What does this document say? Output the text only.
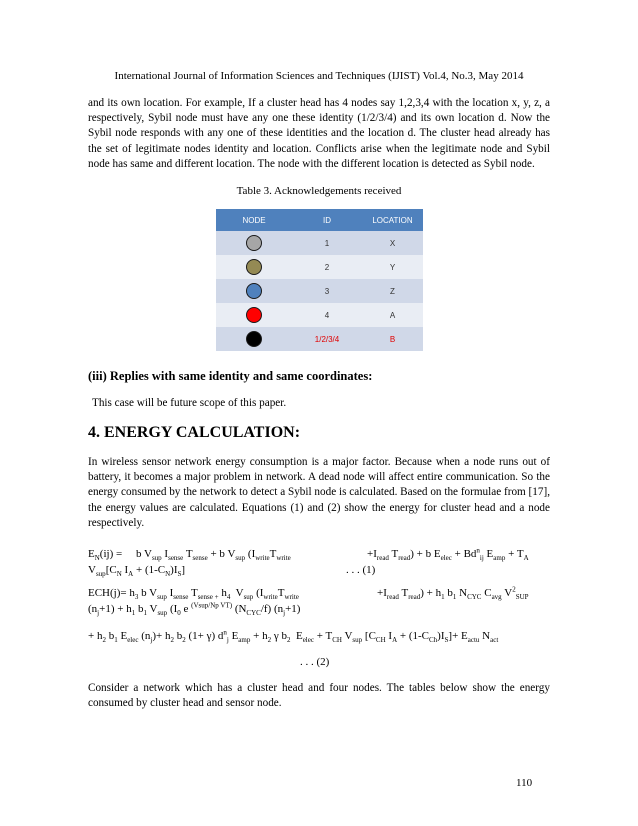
International Journal of Information Sciences and Techniques (IJIST) Vol.4, No.3, May 2014

and its own location. For example, If a cluster head has 4 nodes say 1,2,3,4 with the location x, y, z, a respectively, Sybil node must have any one these identity (1/2/3/4) and its own location d. Now the Sybil node responds with any one of these identities and the location d. The cluster head already has the set of legitimate nodes identity and location. Conflicts arise when the legitimate node and Sybil node has same and different location. The node with the different location is detected as Sybil node.

Table 3. Acknowledgements received
NODE	ID	LOCATION
	1	X
	2	Y
	3	Z
	4	A
	1/2/3/4	B
(iii) Replies with same identity and same coordinates:
This case will be future scope of this paper.
4. ENERGY CALCULATION:

In wireless sensor network energy consumption is a major factor. Because when a node runs out of battery, it becomes a major problem in network. A dead node will affect entire communication. So the energy consumed by the network to detect a Sybil node is calculated. Based on the formulae from [17], the energy values are calculated. Equations (1) and (2) show the energy for cluster head and a node respectively.

$E_N(ij)$ =     b $V_{sup}$ $I_{sense}$ $T_{sense} + b$ $V_{sup}$ ($I_{write}T_{write}$	$+I_{read}$ $T_{read}) + b$ $E_{elec} + Bd^n_{ij}$ $E_{amp} + T_A$
$V_{sup}[C_N$ $I_A + (1-C_N)I_S$]	. . . (1)
$ECH(j)= h_3$ b $V_{sup}$ $I_{sense}$ $T_{sense +}$ $h_4$  $V_{sup}$ ($I_{write}T_{write}$	$+I_{read}$ $T_{read}) + h_1$ $b_1$ $N_{CYC}$ $C_{avg}$ $V^2_{SUP}$
$(n_j+1) + h_1$ $b_1$ $V_{sup}$ ($I_0$ e $^{(Vsup/Np VT)}$ $(N_{CYC}/f)$ $(n_j+1)$
+ $h_2$ $b_1$ $E_{elec}$ $(n_j)+ h_2$ $b_2$ (1+ γ) $d^n_j$ $E_{amp} + h_2$ γ $b_2$  $E_{elec} + T_{CH}$ $V_{sup}$ [$C_{CH}$ $I_A + (1-C_{Ch})I_S]+ E_{actu}$ $N_{act}$
. . . (2)

Consider a network which has a cluster head and four nodes. The tables below show the energy consumed by cluster head and sensor node.

110
